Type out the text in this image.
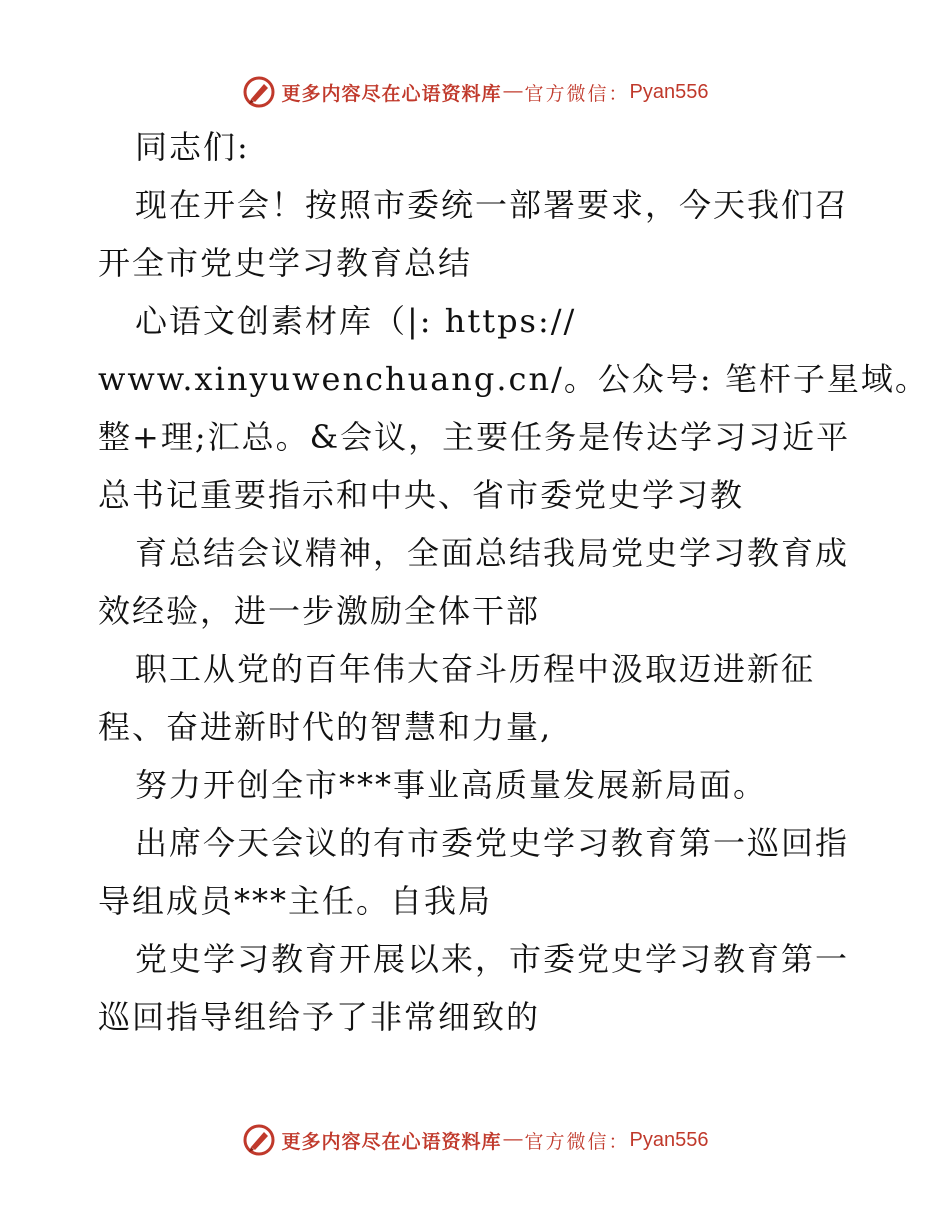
更多内容尽在心语资料库 — 官方微信： Pyan556
同志们:
现在开会！按照市委统一部署要求，今天我们召
开全市党史学习教育总结
心语文创素材库（|: https://
www.xinyuwenchuang.cn/。公众号: 笔杆子星域。
整+理;汇总。&会议，主要任务是传达学习习近平
总书记重要指示和中央、省市委党史学习教
育总结会议精神，全面总结我局党史学习教育成
效经验，进一步激励全体干部
职工从党的百年伟大奋斗历程中汲取迈进新征
程、奋进新时代的智慧和力量,
努力开创全市***事业高质量发展新局面。
出席今天会议的有市委党史学习教育第一巡回指
导组成员***主任。自我局
党史学习教育开展以来，市委党史学习教育第一
巡回指导组给予了非常细致的
更多内容尽在心语资料库 — 官方微信： Pyan556
